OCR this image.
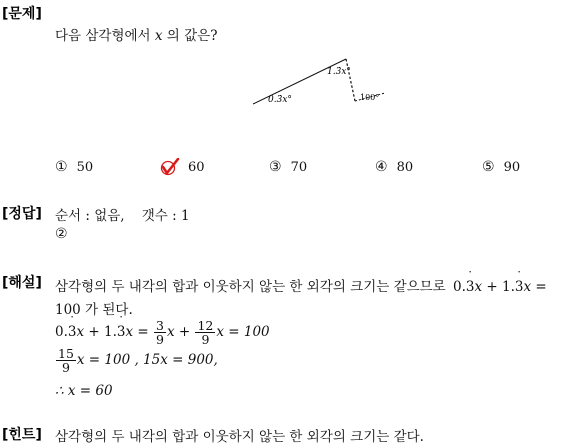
[문제]
다음 삼각형에서 x 의 값은?
0.3̇x°
1.3̇x°
100°
① 50	60	③ 70	④ 80	⑤ 90
[정답] 순서 : 없음,    갯수 : 1
②
[해설] 삼각형의 두 내각의 합과 이웃하지 않는 한 외각의 크기는 같으므로 0.3 ˙x + 1.3 ˙x =
100 가 된다.
0.3 ˙x + 1.3 ˙x = $\frac{3}{9}$ $x + \frac{12}{9}$ x = 100
$\frac{15}{9}$ x = 100 , 15x = 900,
∴ x = 60
[힌트] 삼각형의 두 내각의 합과 이웃하지 않는 한 외각의 크기는 같다.
